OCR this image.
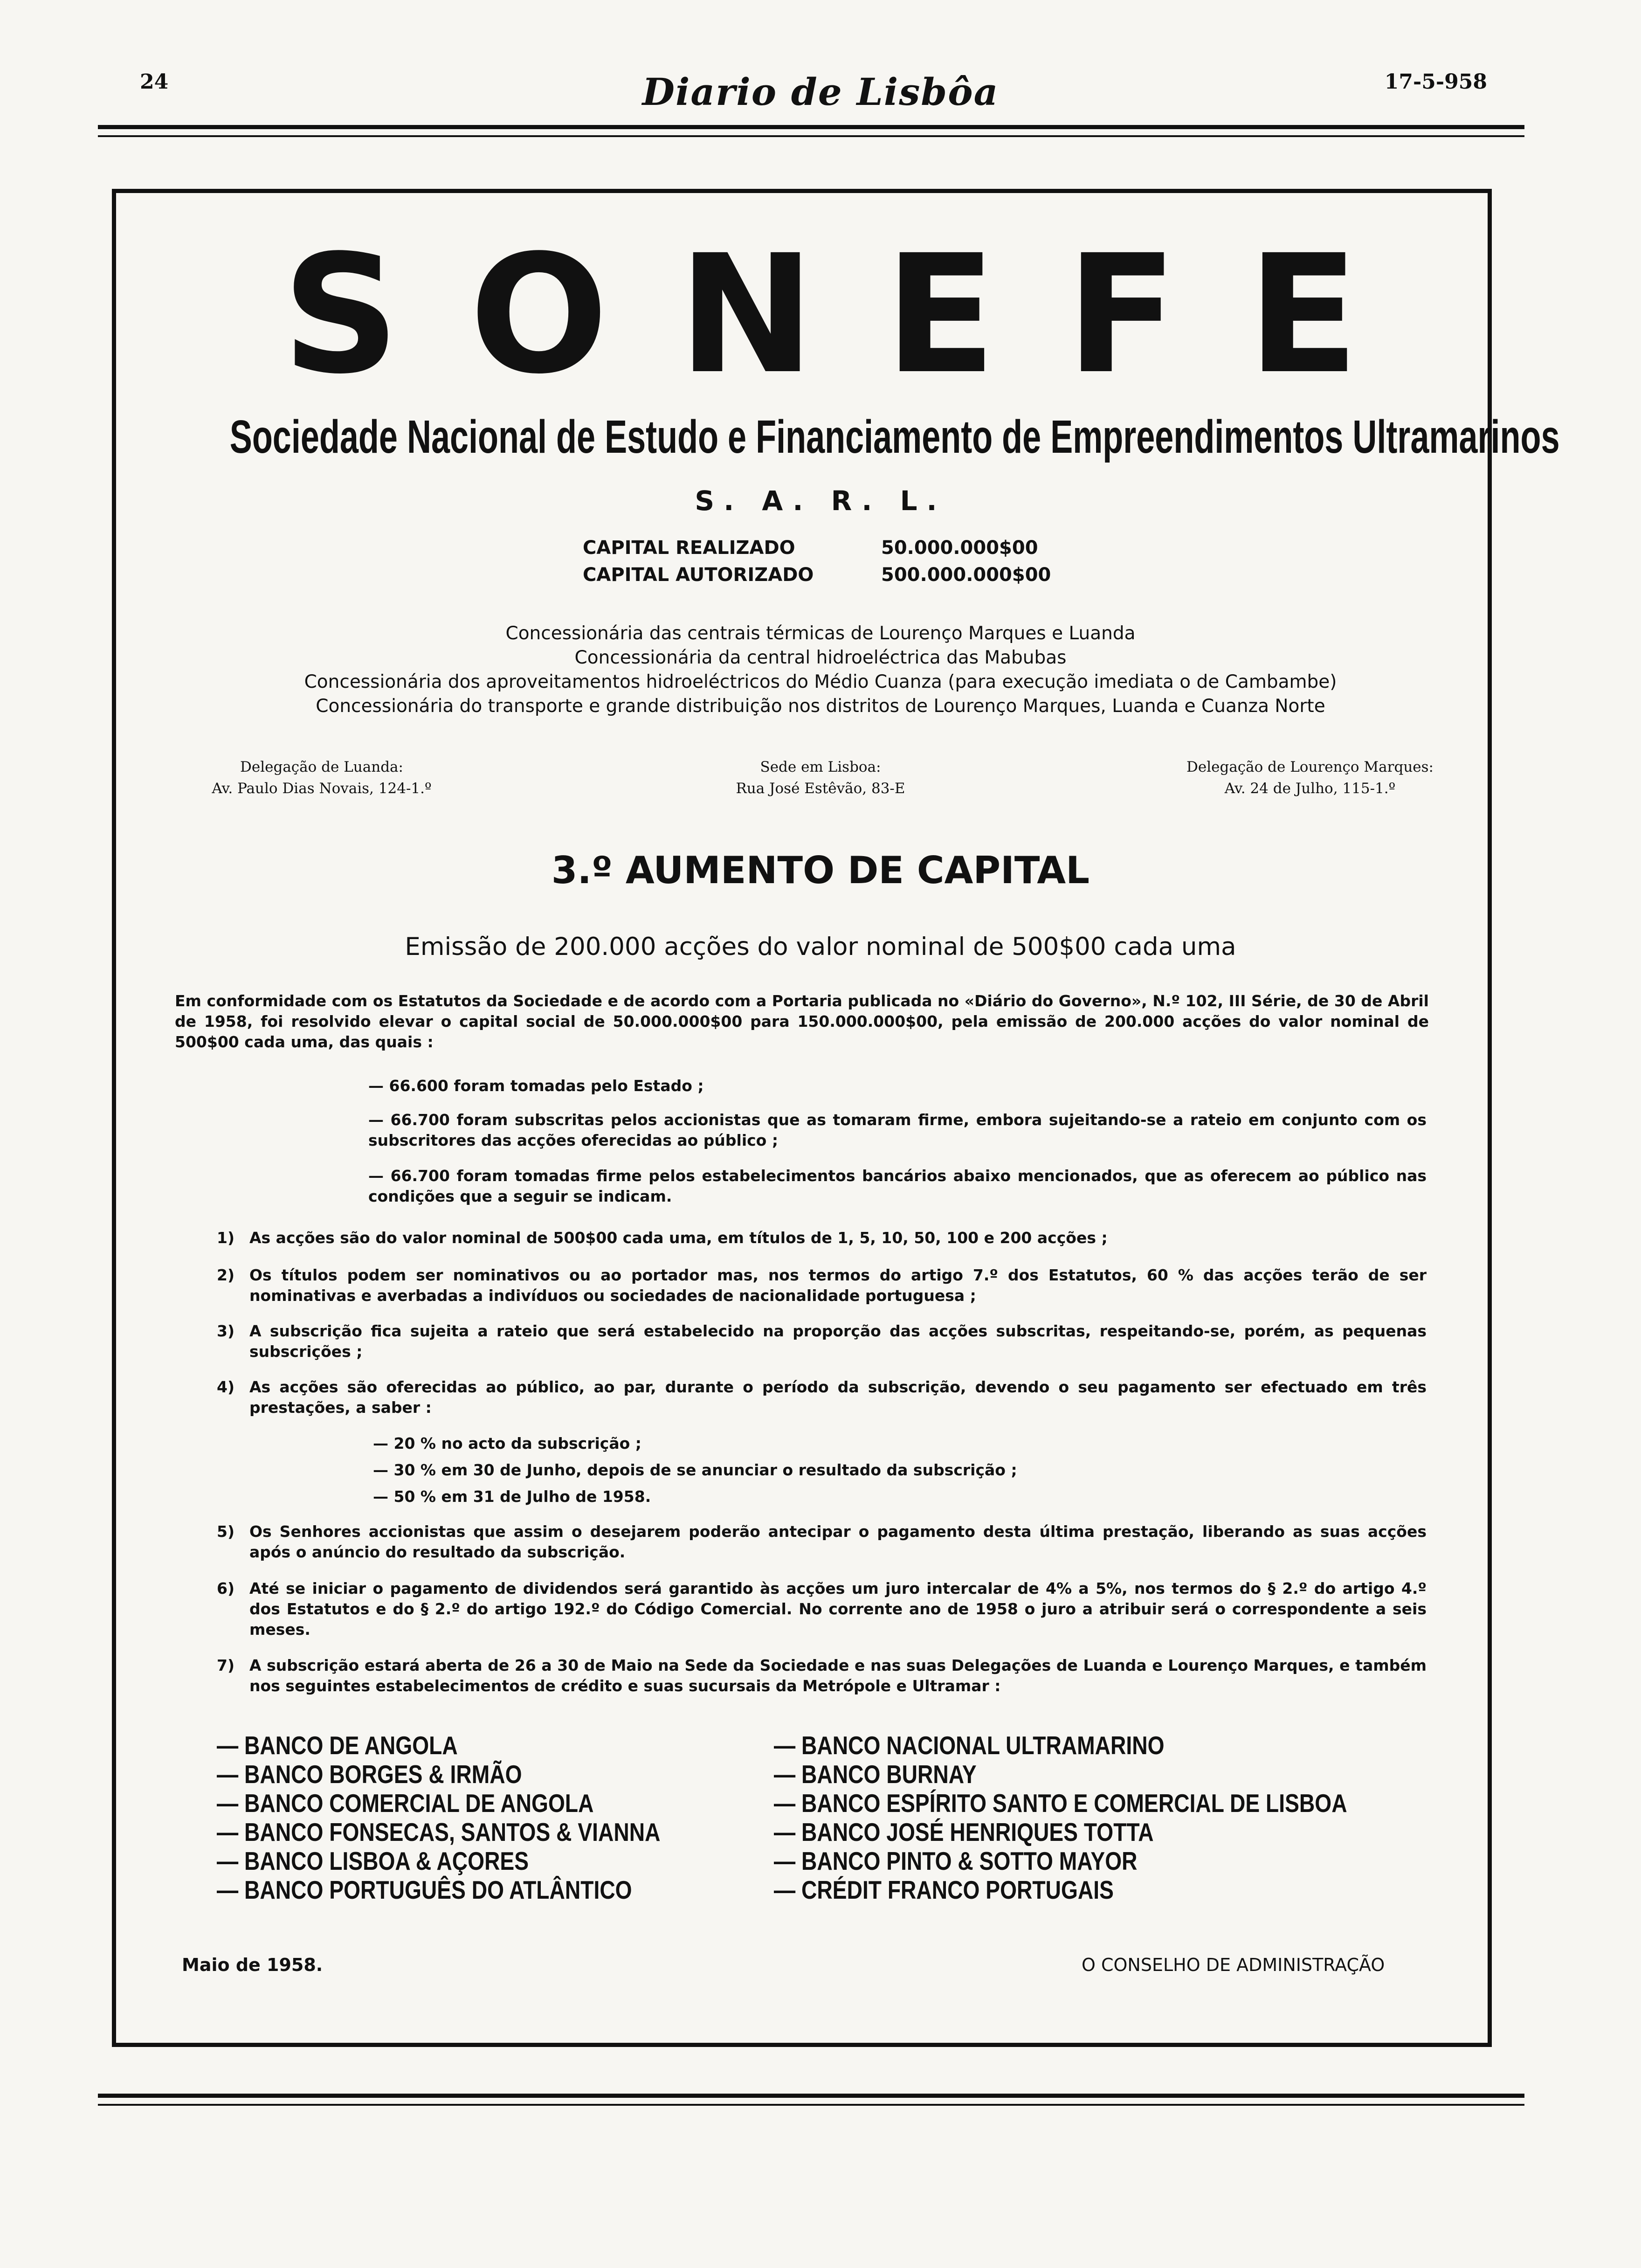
24	Diario de Lisbôa	17-5-958
SONEFE
Sociedade Nacional de Estudo e Financiamento de Empreendimentos Ultramarinos
S. A. R. L.
CAPITAL REALIZADO	50.000.000$00
CAPITAL AUTORIZADO	500.000.000$00
Concessionária das centrais térmicas de Lourenço Marques e Luanda
Concessionária da central hidroeléctrica das Mabubas
Concessionária dos aproveitamentos hidroeléctricos do Médio Cuanza (para execução imediata o de Cambambe)
Concessionária do transporte e grande distribuição nos distritos de Lourenço Marques, Luanda e Cuanza Norte
Delegação de Luanda:
Av. Paulo Dias Novais, 124-1.º
Sede em Lisboa:
Rua José Estêvão, 83-E
Delegação de Lourenço Marques:
Av. 24 de Julho, 115-1.º
3.º AUMENTO DE CAPITAL
Emissão de 200.000 acções do valor nominal de 500$00 cada uma
Em conformidade com os Estatutos da Sociedade e de acordo com a Portaria publicada no «Diário do Governo», N.º 102, III Série, de 30 de Abril de 1958, foi resolvido elevar o capital social de 50.000.000$00 para 150.000.000$00, pela emissão de 200.000 acções do valor nominal de 500$00 cada uma, das quais :
— 66.600 foram tomadas pelo Estado ;
— 66.700 foram subscritas pelos accionistas que as tomaram firme, embora sujeitando-se a rateio em conjunto com os subscritores das acções oferecidas ao público ;
— 66.700 foram tomadas firme pelos estabelecimentos bancários abaixo mencionados, que as oferecem ao público nas condições que a seguir se indicam.
1) As acções são do valor nominal de 500$00 cada uma, em títulos de 1, 5, 10, 50, 100 e 200 acções ;
2) Os títulos podem ser nominativos ou ao portador mas, nos termos do artigo 7.º dos Estatutos, 60 % das acções terão de ser nominativas e averbadas a indivíduos ou sociedades de nacionalidade portuguesa ;
3) A subscrição fica sujeita a rateio que será estabelecido na proporção das acções subscritas, respeitando-se, porém, as pequenas subscrições ;
4) As acções são oferecidas ao público, ao par, durante o período da subscrição, devendo o seu pagamento ser efectuado em três prestações, a saber :
— 20 % no acto da subscrição ;
— 30 % em 30 de Junho, depois de se anunciar o resultado da subscrição ;
— 50 % em 31 de Julho de 1958.
5) Os Senhores accionistas que assim o desejarem poderão antecipar o pagamento desta última prestação, liberando as suas acções após o anúncio do resultado da subscrição.
6) Até se iniciar o pagamento de dividendos será garantido às acções um juro intercalar de 4% a 5%, nos termos do § 2.º do artigo 4.º dos Estatutos e do § 2.º do artigo 192.º do Código Comercial. No corrente ano de 1958 o juro a atribuir será o correspondente a seis meses.
7) A subscrição estará aberta de 26 a 30 de Maio na Sede da Sociedade e nas suas Delegações de Luanda e Lourenço Marques, e também nos seguintes estabelecimentos de crédito e suas sucursais da Metrópole e Ultramar :
— BANCO DE ANGOLA
— BANCO BORGES & IRMÃO
— BANCO COMERCIAL DE ANGOLA
— BANCO FONSECAS, SANTOS & VIANNA
— BANCO LISBOA & AÇORES
— BANCO PORTUGUÊS DO ATLÂNTICO
— BANCO NACIONAL ULTRAMARINO
— BANCO BURNAY
— BANCO ESPÍRITO SANTO E COMERCIAL DE LISBOA
— BANCO JOSÉ HENRIQUES TOTTA
— BANCO PINTO & SOTTO MAYOR
— CRÉDIT FRANCO PORTUGAIS
Maio de 1958.	O CONSELHO DE ADMINISTRAÇÃO
